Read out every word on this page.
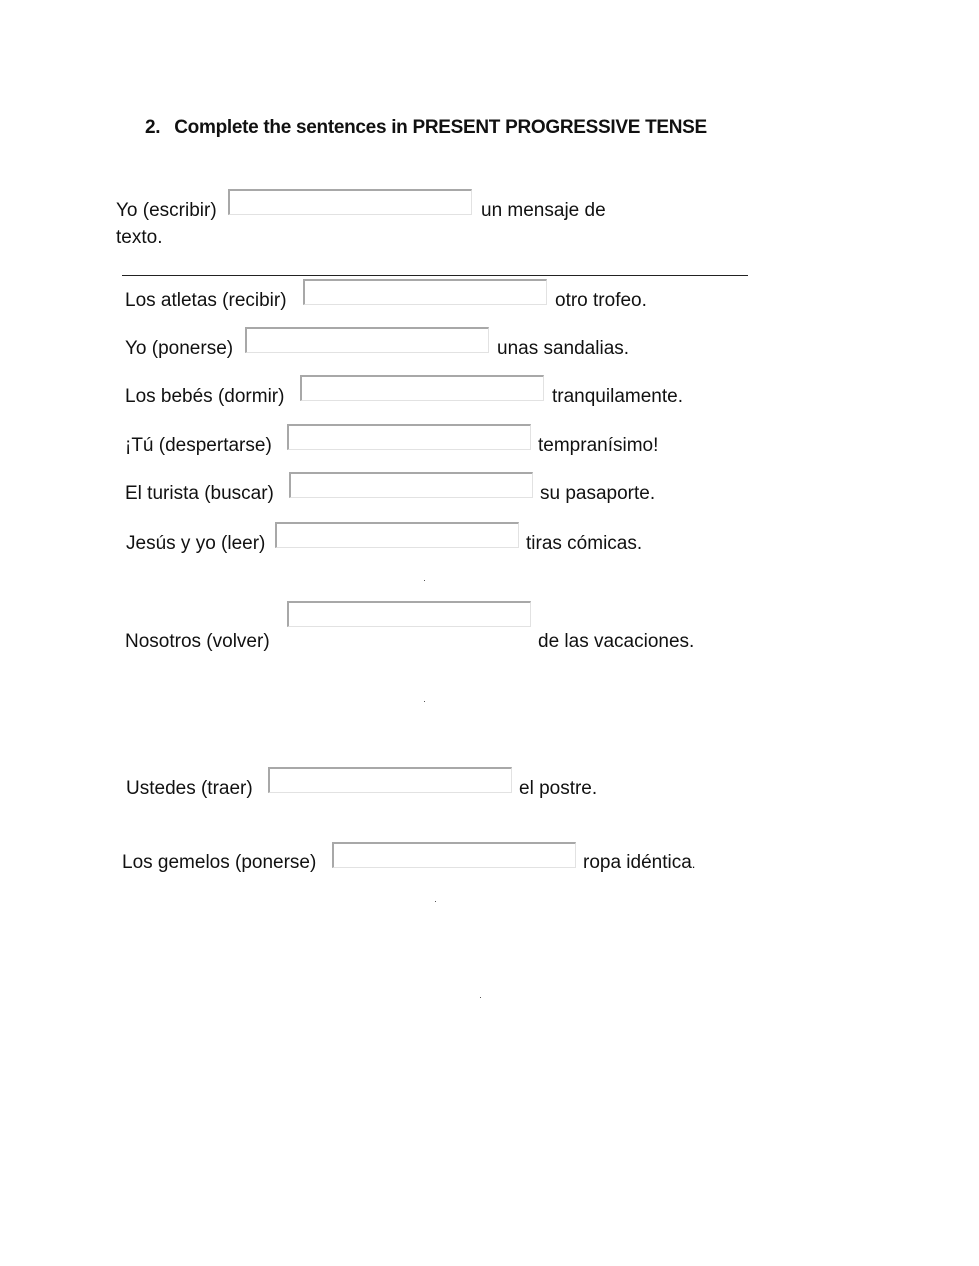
2. Complete the sentences in PRESENT PROGRESSIVE TENSE
Yo (escribir)	un mensaje de
texto.
Los atletas (recibir)	otro trofeo.
Yo (ponerse)	unas sandalias.
Los bebés (dormir)	tranquilamente.
¡Tú (despertarse)	tempranísimo!
El turista (buscar)	su pasaporte.
Jesús y yo (leer)	tiras cómicas.
Nosotros (volver)	de las vacaciones.
Ustedes (traer)	el postre.
Los gemelos (ponerse)	ropa idéntica.
